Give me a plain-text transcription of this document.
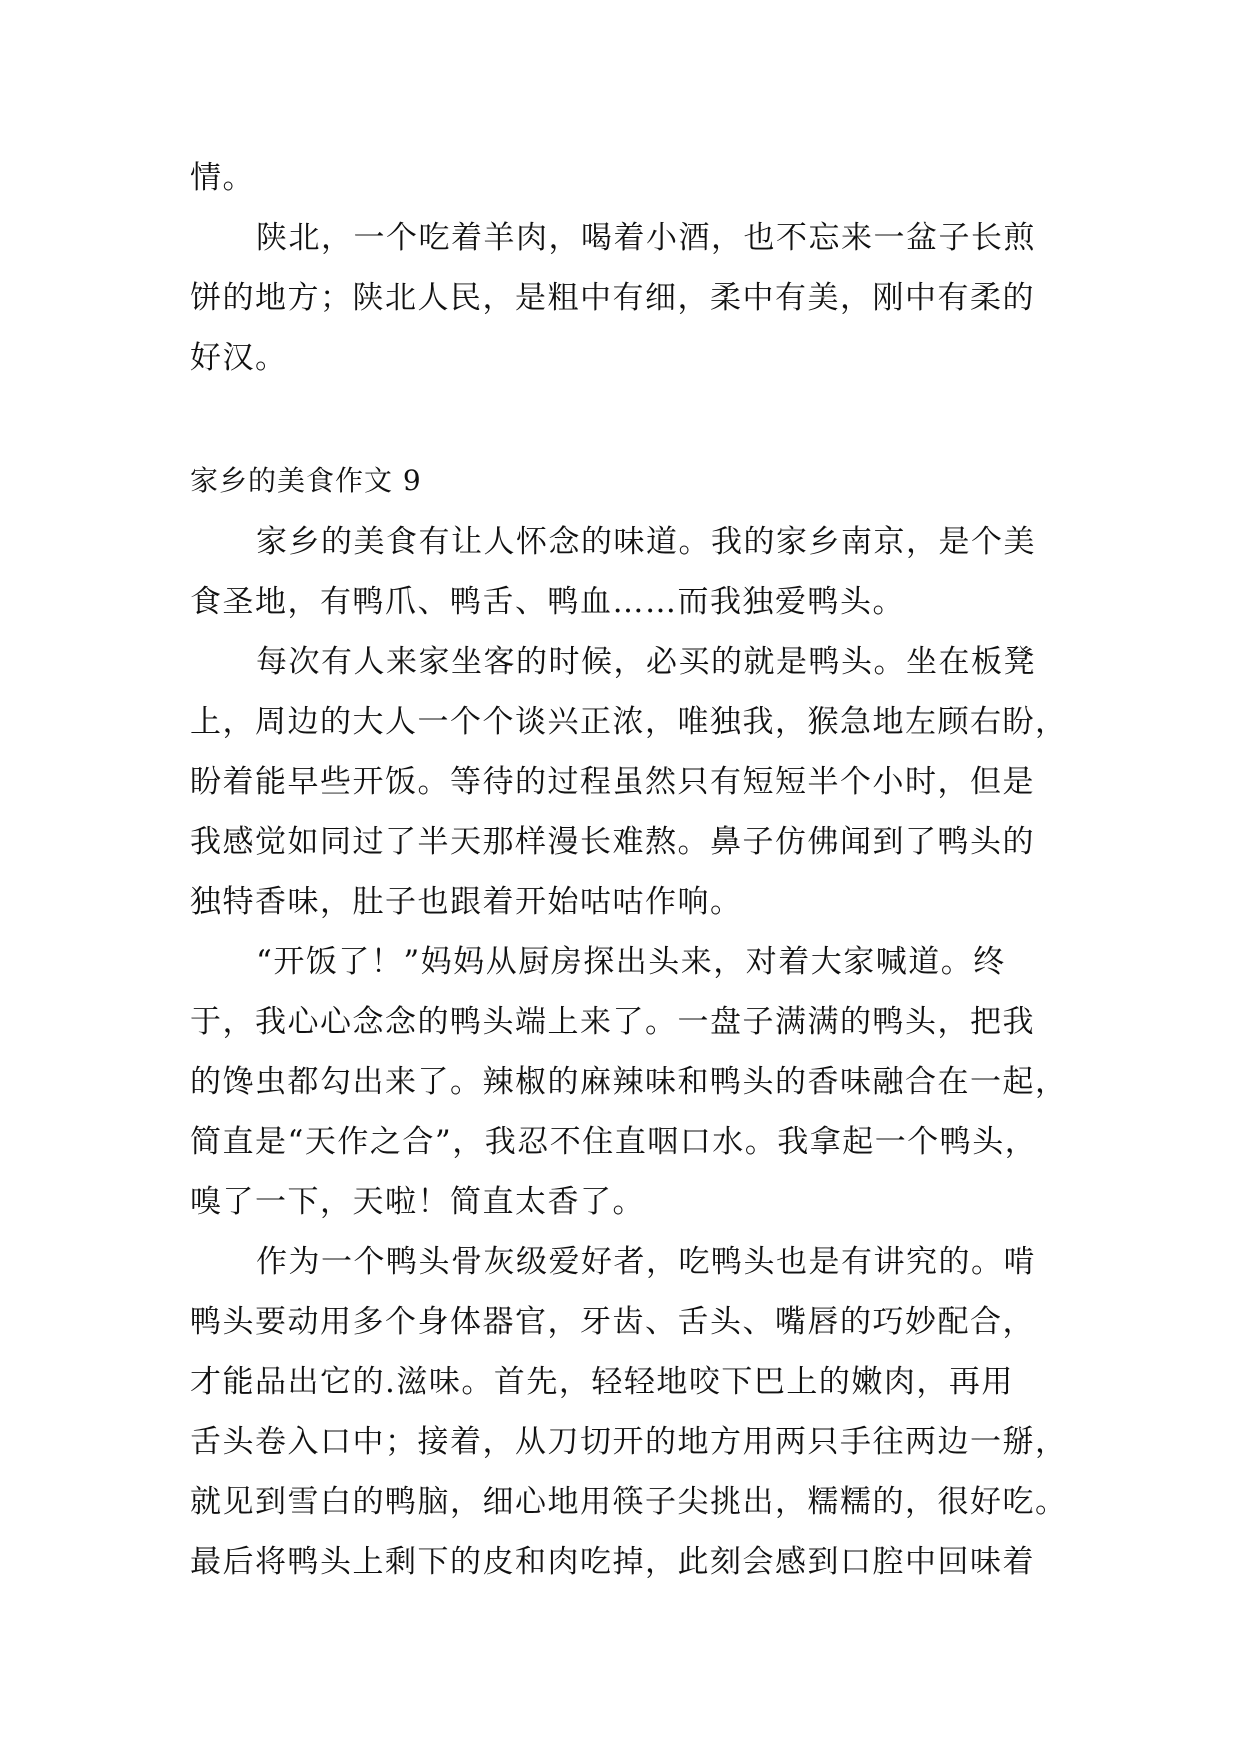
情。
陕北，一个吃着羊肉，喝着小酒，也不忘来一盆子长煎
饼的地方；陕北人民，是粗中有细，柔中有美，刚中有柔的
好汉。
家乡的美食作文 9
家乡的美食有让人怀念的味道。我的家乡南京，是个美
食圣地，有鸭爪、鸭舌、鸭血……而我独爱鸭头。
每次有人来家坐客的时候，必买的就是鸭头。坐在板凳
上，周边的大人一个个谈兴正浓，唯独我，猴急地左顾右盼，
盼着能早些开饭。等待的过程虽然只有短短半个小时，但是
我感觉如同过了半天那样漫长难熬。鼻子仿佛闻到了鸭头的
独特香味，肚子也跟着开始咕咕作响。
“开饭了！”妈妈从厨房探出头来，对着大家喊道。终
于，我心心念念的鸭头端上来了。一盘子满满的鸭头，把我
的馋虫都勾出来了。辣椒的麻辣味和鸭头的香味融合在一起，
简直是“天作之合”，我忍不住直咽口水。我拿起一个鸭头，
嗅了一下，天啦！简直太香了。
作为一个鸭头骨灰级爱好者，吃鸭头也是有讲究的。啃
鸭头要动用多个身体器官，牙齿、舌头、嘴唇的巧妙配合，
才能品出它的.滋味。首先，轻轻地咬下巴上的嫩肉，再用
舌头卷入口中；接着，从刀切开的地方用两只手往两边一掰，
就见到雪白的鸭脑，细心地用筷子尖挑出，糯糯的，很好吃。
最后将鸭头上剩下的皮和肉吃掉，此刻会感到口腔中回味着
